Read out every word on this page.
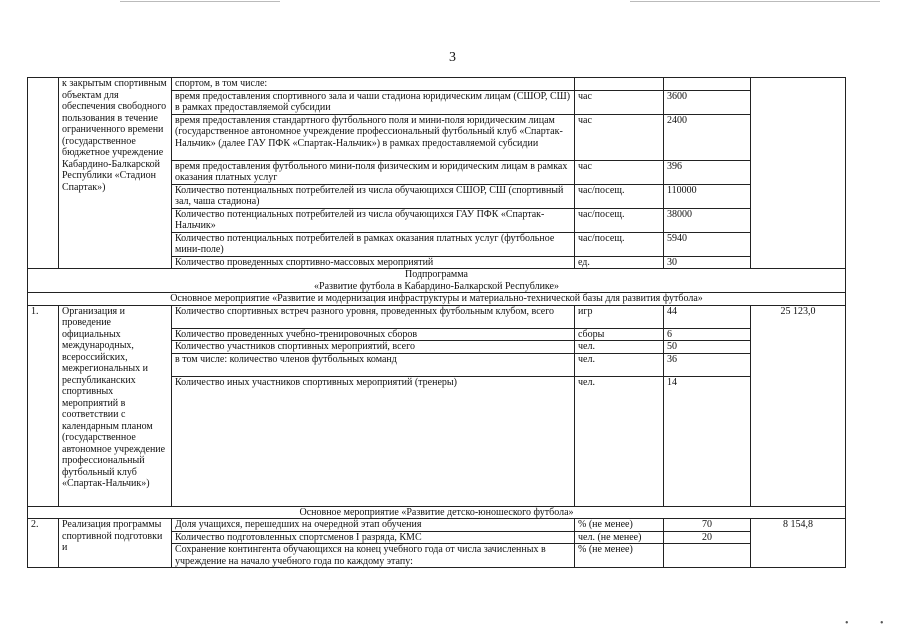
3
	к закрытым спортивным объектам для обеспечения свободного пользования в течение ограниченного времени (государственное бюджетное учреждение Кабардино-Балкарской Республики «Стадион Спартак»)	спортом, в том числе:			
		время предоставления спортивного зала и чаши стадиона юридическим лицам (СШОР, СШ) в рамках предоставляемой субсидии	час	3600	
		время предоставления стандартного футбольного поля и мини-поля юридическим лицам (государственное автономное учреждение профессиональный футбольный клуб «Спартак-Нальчик» (далее ГАУ ПФК «Спартак-Нальчик») в рамках предоставляемой субсидии	час	2400	
		время предоставления футбольного мини-поля физическим и юридическим лицам в рамках оказания платных услуг	час	396	
		Количество потенциальных потребителей из числа обучающихся СШОР, СШ (спортивный зал, чаша стадиона)	час/посещ.	110000	
		Количество потенциальных потребителей из числа обучающихся ГАУ ПФК «Спартак-Нальчик»	час/посещ.	38000	
		Количество потенциальных потребителей в рамках оказания платных услуг (футбольное мини-поле)	час/посещ.	5940	
		Количество проведенных спортивно-массовых мероприятий	ед.	30	

Подпрограмма
«Развитие футбола в Кабардино-Балкарской Республике»					

Основное мероприятие «Развитие и модернизация инфраструктуры и материально-технической базы для развития футбола»					
1.	Организация и проведение официальных международных, всероссийских, межрегиональных и республиканских спортивных мероприятий в соответствии с календарным планом (государственное автономное учреждение профессиональный футбольный клуб «Спартак-Нальчик»)	Количество спортивных встреч разного уровня, проведенных футбольным клубом, всего	игр	44	25 123,0
		Количество проведенных учебно-тренировочных сборов	сборы	6	
		Количество участников спортивных мероприятий, всего	чел.	50	
		в том числе: количество членов футбольных команд	чел.	36	
		Количество иных участников спортивных мероприятий (тренеры)	чел.	14	
Основное мероприятие «Развитие детско-юношеского футбола»					
2.	Реализация программы спортивной подготовки и	Доля учащихся, перешедших на очередной этап обучения	% (не менее)	70	8 154,8
		Количество подготовленных спортсменов I разряда, КМС	чел. (не менее)	20	
		Сохранение контингента обучающихся на конец учебного года от числа зачисленных в учреждение на начало учебного года по каждому этапу:	% (не менее)		
•	•
